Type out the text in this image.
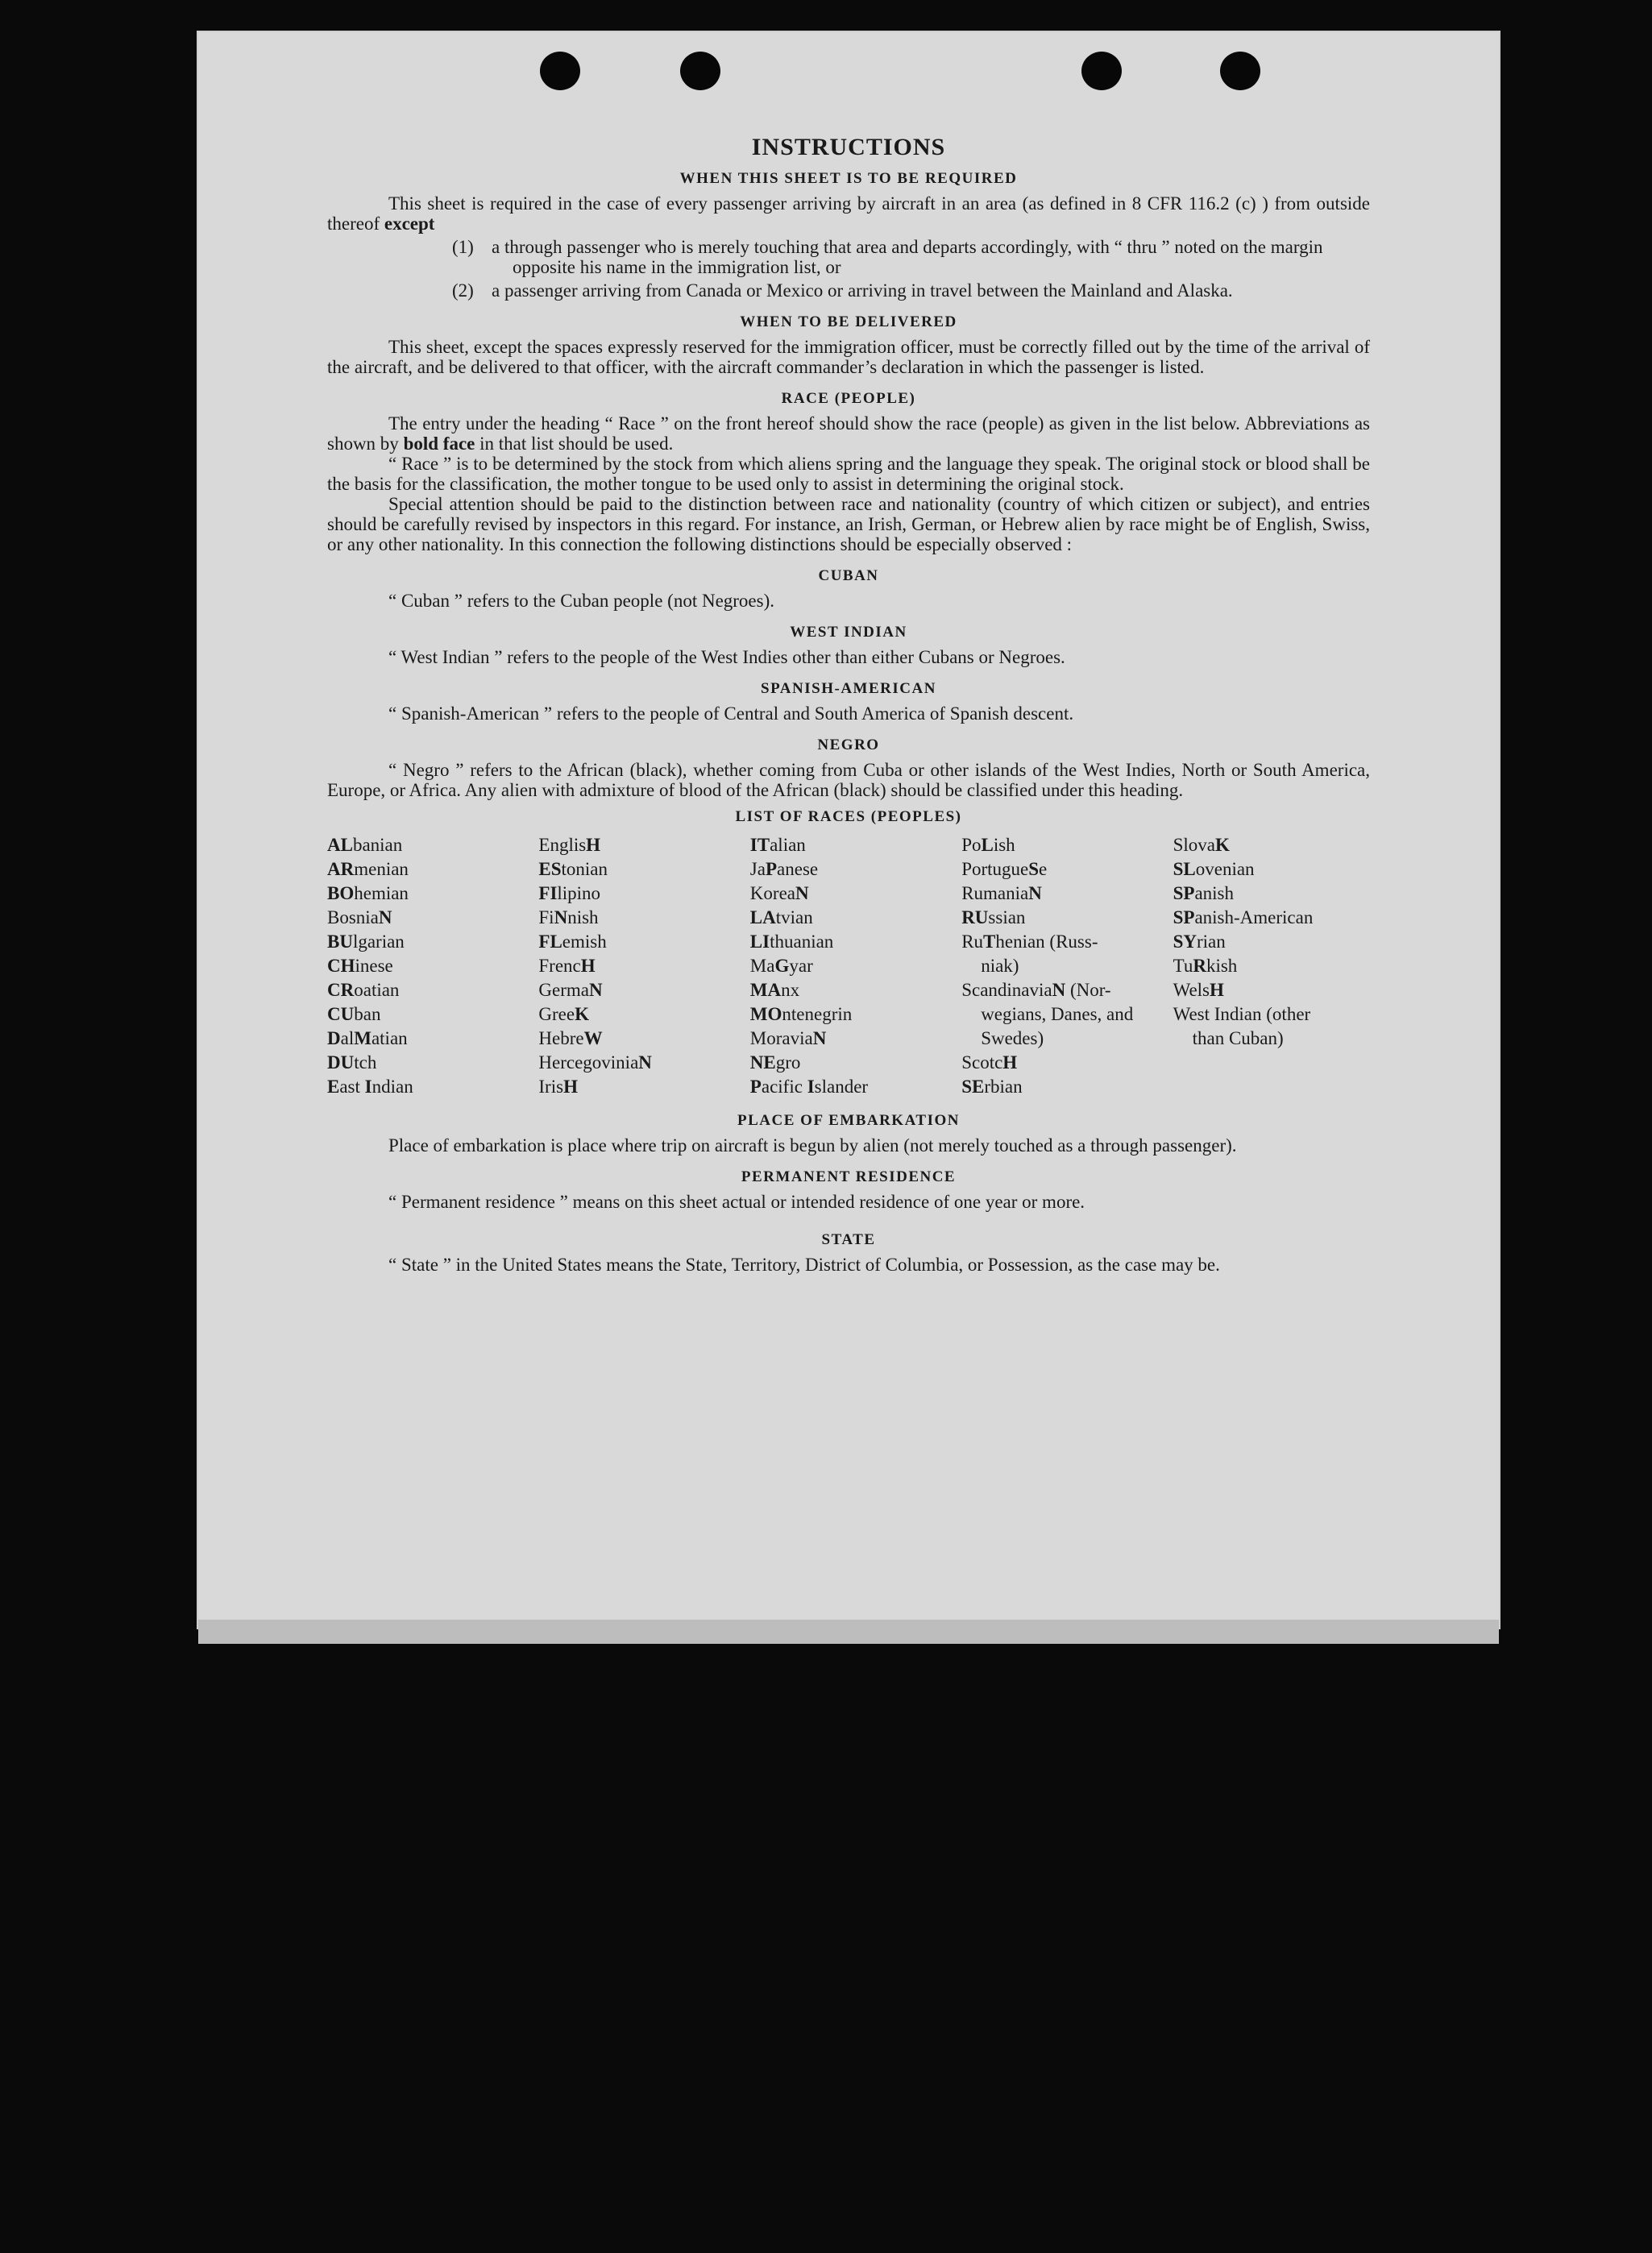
INSTRUCTIONS
WHEN THIS SHEET IS TO BE REQUIRED

This sheet is required in the case of every passenger arriving by aircraft in an area (as defined in 8 CFR 116.2 (c) ) from outside thereof except

(1) a through passenger who is merely touching that area and departs accordingly, with “ thru ” noted on the margin opposite his name in the immigration list, or
(2) a passenger arriving from Canada or Mexico or arriving in travel between the Mainland and Alaska.
WHEN TO BE DELIVERED

This sheet, except the spaces expressly reserved for the immigration officer, must be correctly filled out by the time of the arrival of the aircraft, and be delivered to that officer, with the aircraft commander’s declaration in which the passenger is listed.

RACE (PEOPLE)

The entry under the heading “ Race ” on the front hereof should show the race (people) as given in the list below. Abbreviations as shown by bold face in that list should be used.

“ Race ” is to be determined by the stock from which aliens spring and the language they speak. The original stock or blood shall be the basis for the classification, the mother tongue to be used only to assist in determining the original stock.

Special attention should be paid to the distinction between race and nationality (country of which citizen or subject), and entries should be carefully revised by inspectors in this regard. For instance, an Irish, German, or Hebrew alien by race might be of English, Swiss, or any other nationality. In this connection the following distinctions should be especially observed :

CUBAN

“ Cuban ” refers to the Cuban people (not Negroes).

WEST INDIAN

“ West Indian ” refers to the people of the West Indies other than either Cubans or Negroes.

SPANISH-AMERICAN

“ Spanish-American ” refers to the people of Central and South America of Spanish descent.

NEGRO

“ Negro ” refers to the African (black), whether coming from Cuba or other islands of the West Indies, North or South America, Europe, or Africa. Any alien with admixture of blood of the African (black) should be classified under this heading.

LIST OF RACES (PEOPLES)
ALbanian
ARmenian
BOhemian
BosniaN
BUlgarian
CHinese
CRoatian
CUban
DalMatian
DUtch
East Indian
EnglisH
EStonian
FIlipino
FiNnish
FLemish
FrencH
GermaN
GreeK
HebreW
HercegoviniaN
IrisH
ITalian
JaPanese
KoreaN
LAtvian
LIthuanian
MaGyar
MAnx
MOntenegrin
MoraviaN
NEgro
Pacific Islander
PoLish
PortugueSe
RumaniaN
RUssian
RuThenian (Russ-
niak)
ScandinaviaN (Nor-
wegians, Danes, and Swedes)
ScotcH
SErbian
SlovaK
SLovenian
SPanish
SPanish-American
SYrian
TuRkish
WelsH
West Indian (other
than Cuban)
PLACE OF EMBARKATION

Place of embarkation is place where trip on aircraft is begun by alien (not merely touched as a through passenger).

PERMANENT RESIDENCE

“ Permanent residence ” means on this sheet actual or intended residence of one year or more.

STATE

“ State ” in the United States means the State, Territory, District of Columbia, or Possession, as the case may be.
